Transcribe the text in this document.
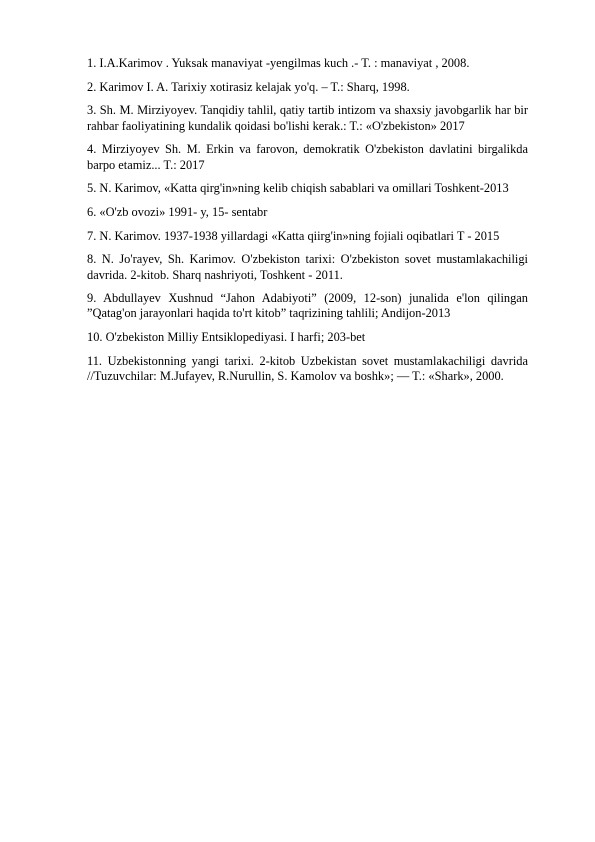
1. I.A.Karimov . Yuksak manaviyat -yengilmas kuch .- T. : manaviyat , 2008.

2. Karimov I. A. Tarixiy xotirasiz kelajak yo'q. – T.: Sharq, 1998.

3. Sh. M. Mirziyoyev. Tanqidiy tahlil, qatiy tartib intizom va shaxsiy javobgarlik har bir rahbar faoliyatining kundalik qoidasi bo'lishi kerak.: T.: «O'zbekiston» 2017

4. Mirziyoyev Sh. M. Erkin va farovon, demokratik O'zbekiston davlatini birgalikda barpo etamiz... T.: 2017

5. N. Karimov, «Katta qirg'in»ning kelib chiqish sabablari va omillari Toshkent-2013

6. «O'zb ovozi» 1991- y, 15- sentabr

7. N. Karimov. 1937-1938 yillardagi «Katta qiirg'in»ning fojiali oqibatlari T - 2015

8. N. Jo'rayev, Sh. Karimov. O'zbekiston tarixi: O'zbekiston sovet mustamlakachiligi davrida. 2-kitob. Sharq nashriyoti, Toshkent - 2011.

9. Abdullayev Xushnud “Jahon Adabiyoti” (2009, 12-son) junalida e'lon qilingan ”Qatag'on jarayonlari haqida to'rt kitob” taqrizining tahlili; Andijon-2013

10. O'zbekiston Milliy Entsiklopediyasi. I harfi; 203-bet

11. Uzbekistonning yangi tarixi. 2-kitob Uzbekistan sovet mustamlakachiligi davrida //Tuzuvchilar: M.Jufayev, R.Nurullin, S. Kamolov va boshk»; — T.: «Shark», 2000.
